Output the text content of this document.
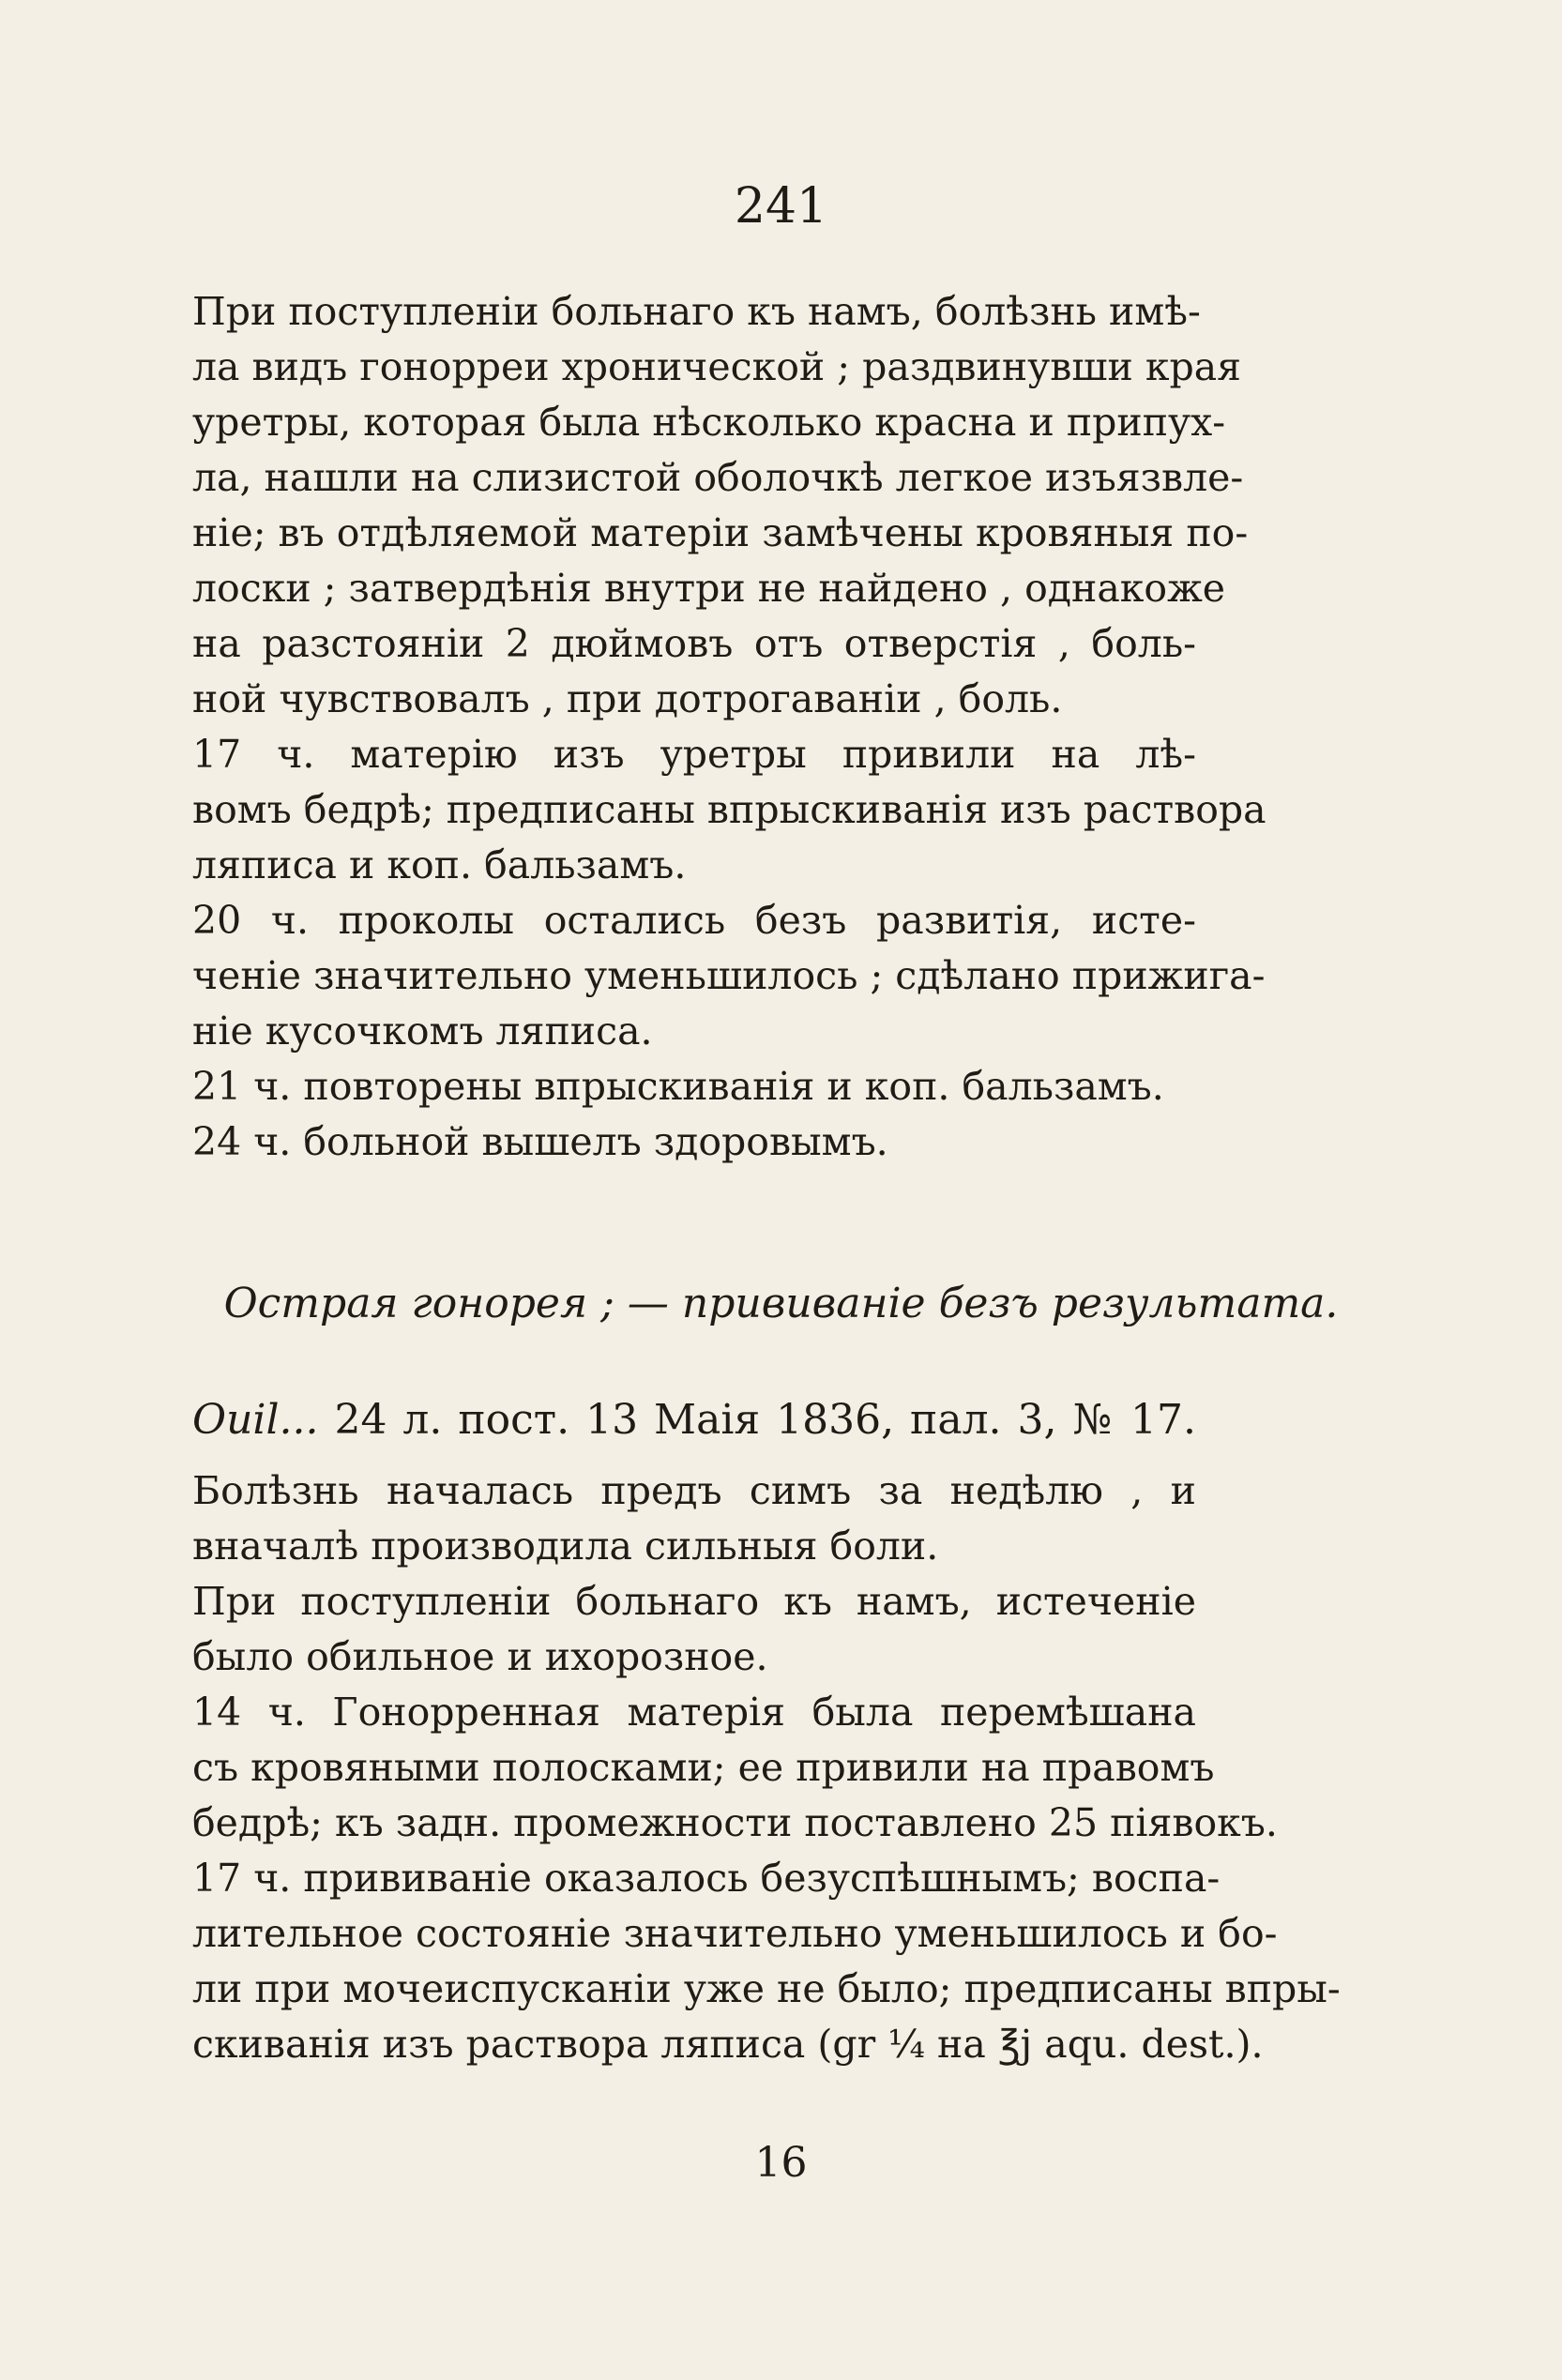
241
При поступленіи больнаго къ намъ, болѣзнь имѣ-
ла видъ гонорреи хронической ; раздвинувши края
уретры, которая была нѣсколько красна и припух-
ла, нашли на слизистой оболочкѣ легкое изъязвле-
ніе; въ отдѣляемой матеріи замѣчены кровяныя по-
лоски ; затвердѣнія внутри не найдено , однакожe
на разстояніи 2 дюймовъ отъ отверстія , боль-
ной чувствовалъ , при дотрогаваніи , боль.
17 ч. матерію изъ уретры привили на лѣ-
вомъ бедрѣ; предписаны впрыскиванія изъ раствора
ляписа и коп. бальзамъ.
20 ч. проколы остались безъ развитія, исте-
ченіе значительно уменьшилось ; сдѣлано прижига-
ніе кусочкомъ ляписа.
21 ч. повторены впрыскиванія и коп. бальзамъ.
24 ч. больной вышелъ здоровымъ.
Острая гонорея ; — прививаніе безъ результата.
Ouil... 24 л. пост. 13 Маія 1836, пал. 3, № 17.
Болѣзнь началась предъ симъ за недѣлю , и
вначалѣ производила сильныя боли.
При поступленіи больнаго къ намъ, истеченіе
было обильное и ихорозное.
14 ч. Гонорренная матерія была перемѣшана
съ кровяными полосками; ее привили на правомъ
бедрѣ; къ задн. промежности поставлено 25 піявокъ.
17 ч. прививаніе оказалось безуспѣшнымъ; воспа-
лительное состояніе значительно уменьшилось и бо-
ли при мочеиспусканіи уже не было; предписаны впры-
скиванія изъ раствора ляписа (gr ¼ на ℥j aqu. dest.).
16
